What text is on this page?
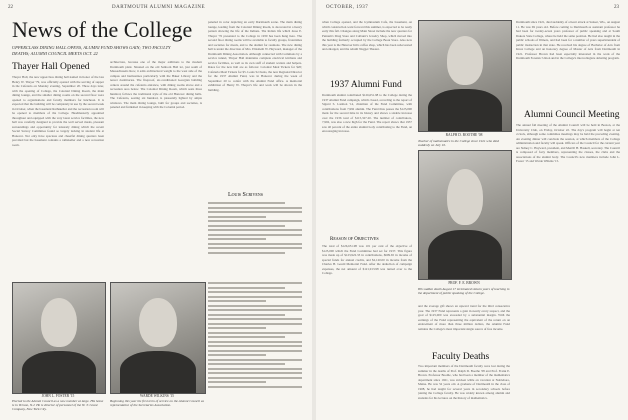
22	DARTMOUTH ALUMNI MAGAZINE
News of the College
UPPERCLASS DINING HALL OPENS, ALUMNI FUND SHOWS GAIN; TWO FACULTY DEATHS; ALUMNI COUNCIL MEETS OCT. 22
Thayer Hall Opened
Thayer Hall, the new upperclass dining hall named in honor of the late Henry W. Thayer '79, was officially opened with the serving of supper in the Cafeteria on Monday evening, September 20. Three days later, with the opening of College, the Colonial Dining Room, the main dining lounge, and the smaller dining rooms on the second floor were opened to organizations and faculty members for luncheon. It is expected that the building will be completely in use by the second week in October, when the basement Rathskeller and the recreation room will be opened to members of the College. Headmasterly appointed throughout and equipped with the very latest service facilities, the new hall was carefully designed to provide the well served meals, pleasant surroundings and opportunity for leisurely dining which the recent Social Survey Committee found so largely lacking in student life at Hanover. Not only have spacious and cheerful dining quarters been provided but the basement contains a rathskeller and a new recreation room.
architecture, because one of the major additions to the modern Dartmouth plant. Situated on the old Sanborn Hall lot, just south of Massachusetts Row, it adds architectural weight to the west side of the campus and harmonizes particularly with the Baker Library and the newer dormitories. The fireproof, air-conditioned Georgian building centers around the cafeteria entrance, with dining rooms above and a recreation area below. The Colonial Dining Room, which seats three hundred, follows the traditional style of the old Hanover dining halls. The Cafeteria, seating six hundred, is pleasantly lighted by ample windows. The main dining lounge, built for groups and societies, is paneled and furnished in keeping with the Colonial period.
paneled in color depicting an early Dartmouth scene. The main dining lounge, leading from the Colonial Dining Room, is decorated in a heavy pattern showing the life of the Indians. The Indian life which Jesse E. Thayer '76 presented to the College in 1930 has been hung here. The second floor dining rooms will be available to faculty groups, fraternities and societies for meals, and to the alumni for reunions. The new dining hall is under the direction of Mrs. Elizabeth W. Hayward, manager of the Dartmouth Dining Association. Although connected with Commons by a service tunnel, Thayer Hall maintains complete electrical kitchens and service facilities, as well as its own staff of student waiters and helpers. Rates for the new hall are as follows: Colonial Meal Tickets for $20; Cafeteria Meal Tickets for $5. Louis Scrivens, the new Regional Director for the 1937 Alumni Fund, was in Hanover during the week of September 20 to confer with the Alumni Fund office. A memorial exhibition of Henry W. Thayer's life and work will be shown in the building.
Louis Scrivens
JOHN L. FOSTER '15
Elected to the Alumni Council as a new member at large. His home is in Vernon, N.J. He is director of personnel of the W. T. Grant Company, New York City.
WARDE WILKINS '15
Beginning this year his first term of service on the Alumni Council as representative of the Secretaries Association.
OCTOBER, 1937	23
when College opened, and the Gymnasium Cafe, the basement, on which construction went forward this summer, is expected to be ready early this fall. Changes along Main Street include the new quarters for Putnam's Drug Store and Colburn's Jewelry Shop, which moved into the building formerly occupied by the College Book Store. Also new this year is the Hanover Inn's coffee shop, which has been redecorated and enlarged, and the rebuilt Nugget Theater.
1937 Alumni Fund
Dartmouth alumni contributed $126,651.98 to the College during the 1937 Alumni Fund campaign, which closed, according to the report of Sigurd S. Larmon '14, chairman of the Fund Committee, with contributions from 7,992 alumni. The Fund thus passes the $125,000 mark for the second time in its history and shows a sizable increase over the 1936 total of $115,327.20. The number of contributors, 7,992, was also a new high for the Fund. The report shows that 1937 saw 40 percent of the entire alumni body contributing to the Fund, an encouraging increase.
Reason of Objectives
The total of $126,651.98 was 101 per cent of the objective of $125,000 which the Fund Committee had set for 1937. This figure was made up of $123,922.33 in contributions, $609.65 in income of special funds for annual credits, and $2,120.00 in income from the Charles H. Gould Memorial Fund. After the deduction of campaign expenses, the net amount of $121,913.98 was turned over to the College.
RALPH D. BOOTHE '08
Teacher of mathematics in the College since 1921 who died suddenly on July 10.
PROF. F. E. BROWN
His sudden death August 17 terminated sixteen years of teaching in the department of public speaking of the College.
and the average gift shows an upward trend for the third consecutive year. The 1937 Fund represents a gain in nearly every respect, and the goal of $125,000 was exceeded by a substantial margin. With the earnings of the Fund representing the equivalent of the return on an endowment of more than three million dollars, the Alumni Fund remains the College's most important single source of free income.
Faculty Deaths
Two important members of the Dartmouth faculty were lost during the summer in the deaths of Prof. Ralph D. Boothe '08 and Prof. Frank E. Brown. Professor Boothe, who had been a member of the mathematics department since 1921, was stricken while on vacation at Nobleboro, Maine. He was 52 years old. A graduate of Dartmouth in the class of 1908, he had taught for several years in secondary schools before joining the College faculty. He was widely known among alumni and students for his lectures on the history of mathematics.
Dartmouth since 1921, died suddenly of a heart attack at Sunset, Wis., on August 11. He was 69 years old. Before coming to Dartmouth as assistant professor he had been for twenty-seven years professor of public speaking and at South Dakota State College, where he held the same position. He had also taught in the public schools of Illinois, and had been for a number of years superintendent of public instruction in that state. He received his degree of Bachelor of Arts from Knox College and an honorary degree of Master of Arts from Dartmouth in 1921. Professor Brown had been especially interested in the work of the Dartmouth Forensic Union and in the College's intercollegiate debating program.
Alumni Council Meeting
The annual fall meeting of the Alumni Council will be held in Boston, at the University Club, on Friday, October 22. The day's program will begin at ten o'clock, although some committee meetings may be held the preceding evening. An evening dinner will conclude the session, at which members of the College administration and faculty will speak. Officers of the Council for the current year are Sidney C. Hayward, president, and Merrill H. Haskell, secretary. The Council is composed of forty members, representing the classes, the clubs and the associations of the alumni body. The Council's new members include John L. Foster '15 and Warde Wilkins '15.
